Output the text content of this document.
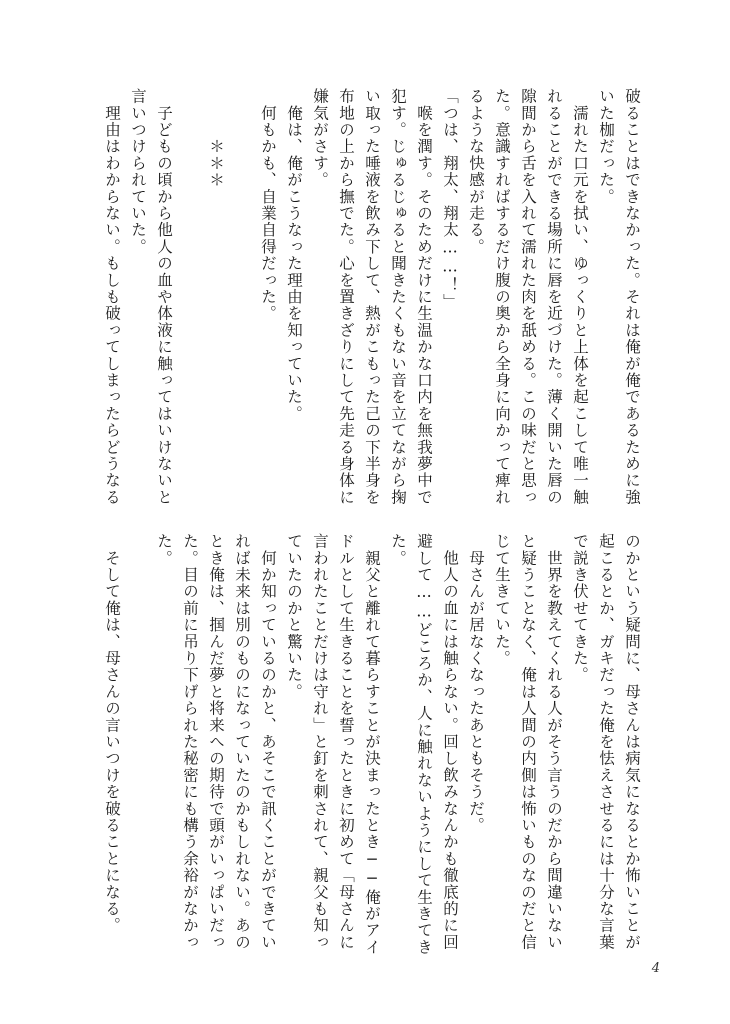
破ることはできなかった。それは俺が俺であるために強

いた枷だった。

　濡れた口元を拭い、ゆっくりと上体を起こして唯一触

れることができる場所に唇を近づけた。薄く開いた唇の

隙間から舌を入れて濡れた肉を舐める。この味だと思っ

た。意識すればするだけ腹の奥から全身に向かって痺れ

るような快感が走る。

「つは、翔太、翔太……！」

　喉を潤す。そのためだけに生温かな口内を無我夢中で

犯す。じゅるじゅると聞きたくもない音を立てながら掬

い取った唾液を飲み下して、熱がこもった己の下半身を

布地の上から撫でた。心を置きざりにして先走る身体に

嫌気がさす。

　俺は、俺がこうなった理由を知っていた。

　何もかも、自業自得だった。

　　　＊＊＊

　子どもの頃から他人の血や体液に触ってはいけないと

言いつけられていた。

　理由はわからない。もしも破ってしまったらどうなる

のかという疑問に、母さんは病気になるとか怖いことが

起こるとか、ガキだった俺を怯えさせるには十分な言葉

で説き伏せてきた。

　世界を教えてくれる人がそう言うのだから間違いない

と疑うことなく、俺は人間の内側は怖いものなのだと信

じて生きていた。

　母さんが居なくなったあともそうだ。

　他人の血には触らない。回し飲みなんかも徹底的に回

避して……どころか、人に触れないようにして生きてき

た。

　親父と離れて暮らすことが決まったとき──俺がアイ

ドルとして生きることを誓ったときに初めて「母さんに

言われたことだけは守れ」と釘を刺されて、親父も知っ

ていたのかと驚いた。

　何か知っているのかと、あそこで訊くことができてい

れば未来は別のものになっていたのかもしれない。あの

とき俺は、掴んだ夢と将来への期待で頭がいっぱいだっ

た。目の前に吊り下げられた秘密にも構う余裕がなかっ

た。

　そして俺は、母さんの言いつけを破ることになる。

4
